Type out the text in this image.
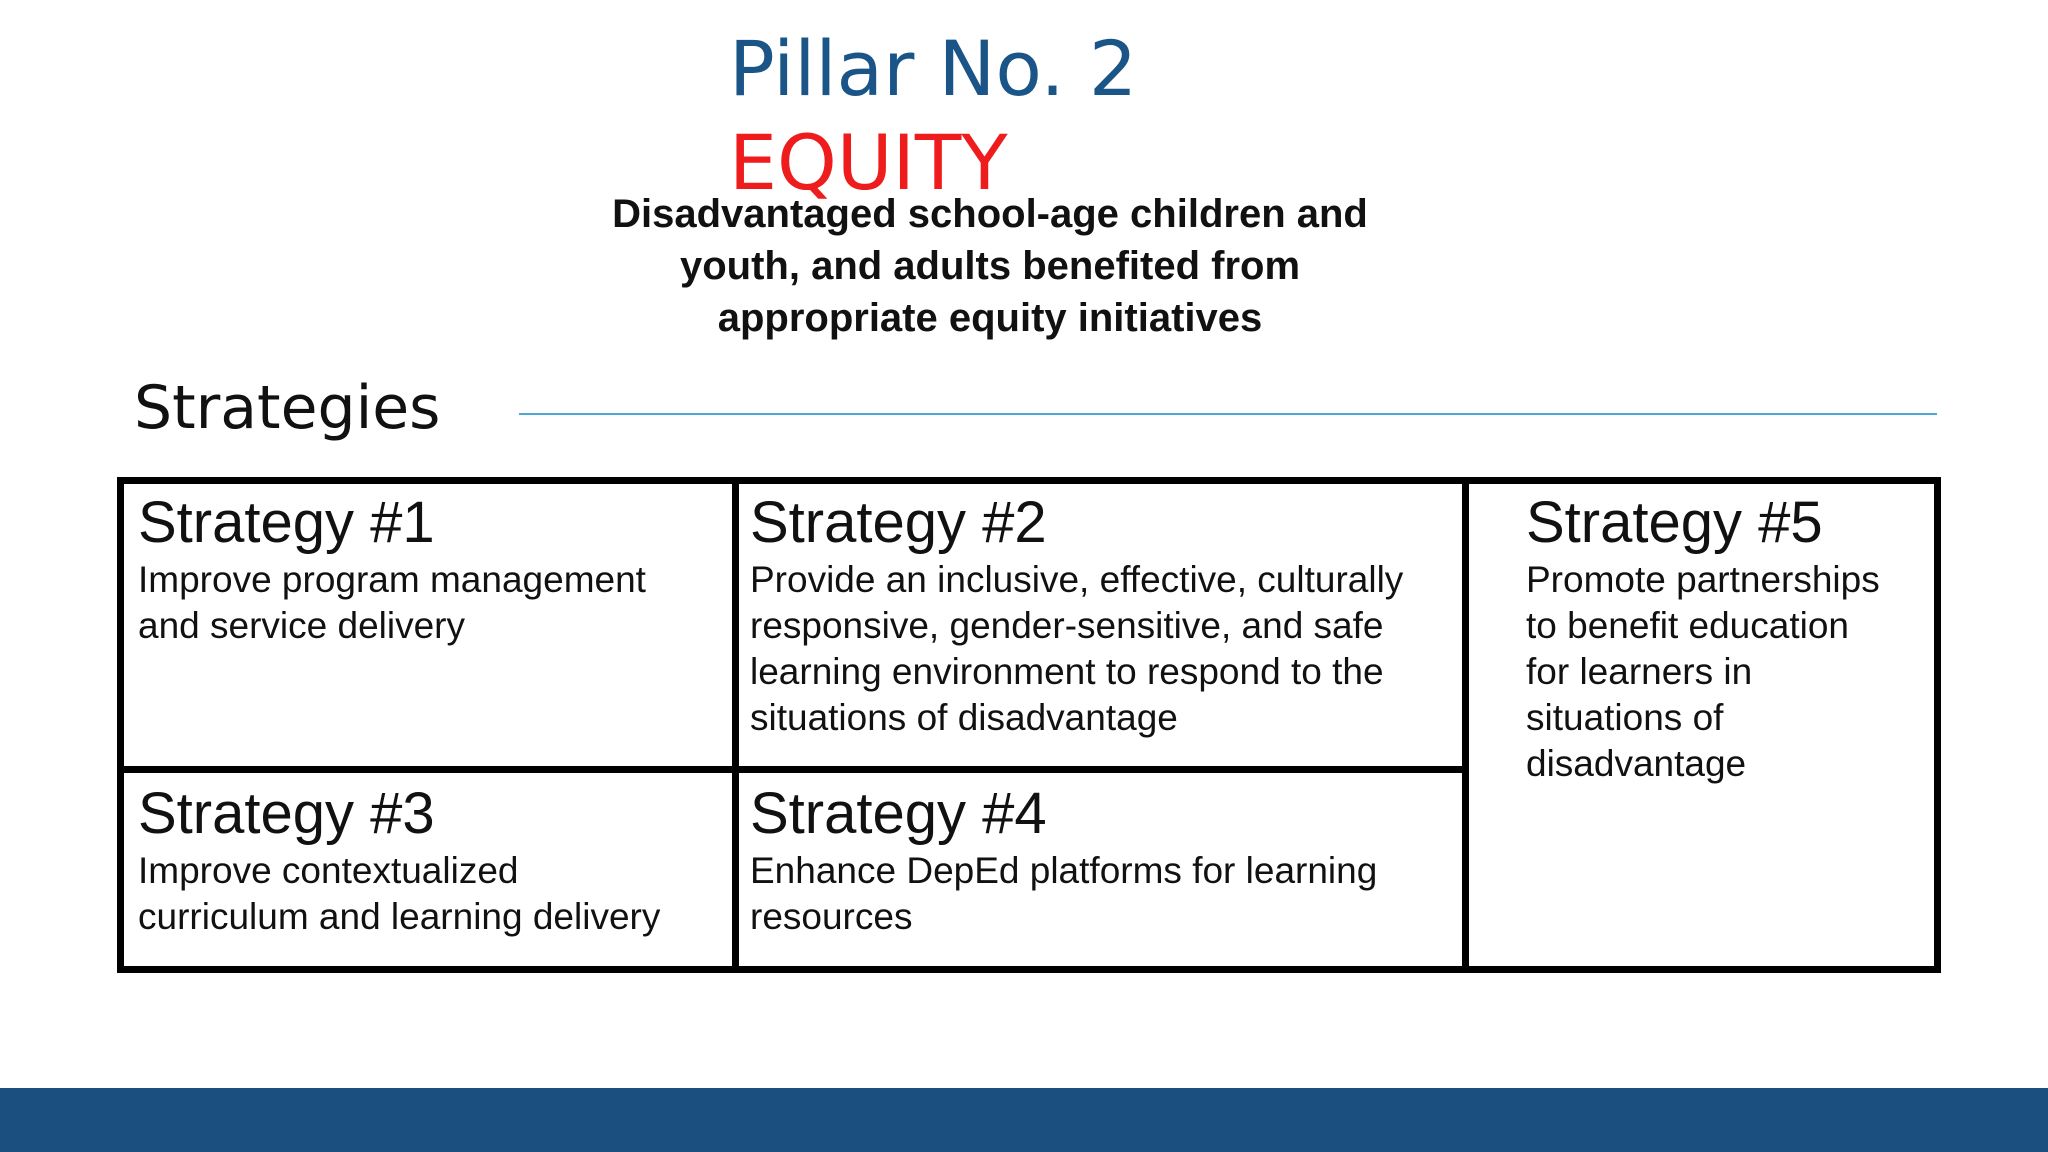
Pillar No. 2
EQUITY
Disadvantaged school-age children and
youth, and adults benefited from
appropriate equity initiatives
Strategies
Strategy #1
Improve program management
and service delivery
Strategy #2
Provide an inclusive, effective, culturally
responsive, gender-sensitive, and safe
learning environment to respond to the
situations of disadvantage
Strategy #3
Improve contextualized
curriculum and learning delivery
Strategy #4
Enhance DepEd platforms for learning
resources
Strategy #5
Promote partnerships
to benefit education
for learners in
situations of
disadvantage
